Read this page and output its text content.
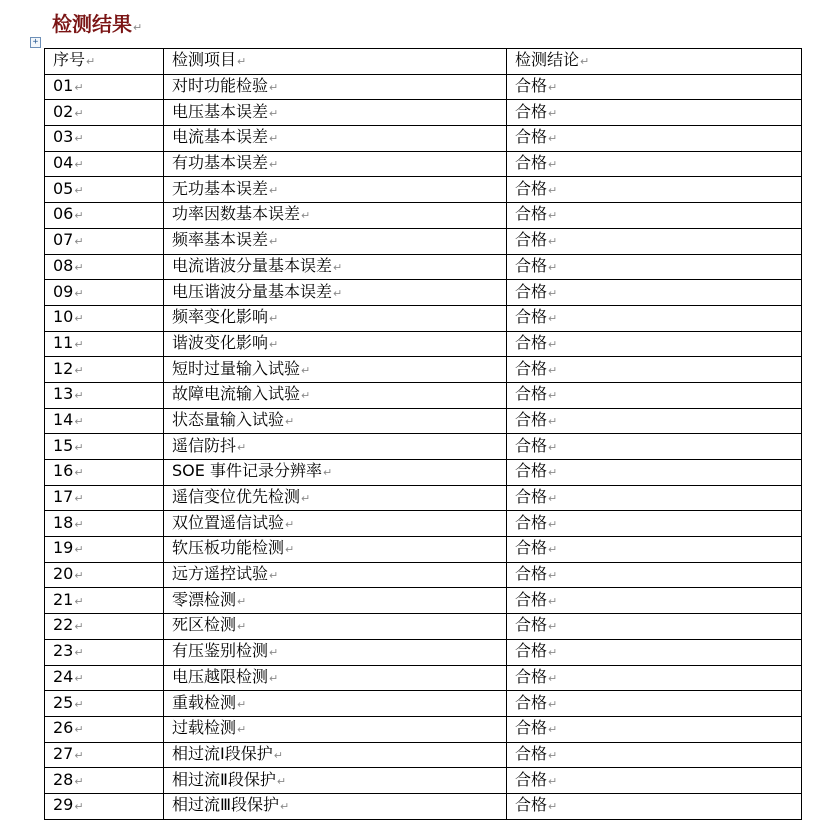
检测结果↵
+
序号↵	检测项目↵	检测结论↵
01↵	对时功能检验↵	合格↵
02↵	电压基本误差↵	合格↵
03↵	电流基本误差↵	合格↵
04↵	有功基本误差↵	合格↵
05↵	无功基本误差↵	合格↵
06↵	功率因数基本误差↵	合格↵
07↵	频率基本误差↵	合格↵
08↵	电流谐波分量基本误差↵	合格↵
09↵	电压谐波分量基本误差↵	合格↵
10↵	频率变化影响↵	合格↵
11↵	谐波变化影响↵	合格↵
12↵	短时过量输入试验↵	合格↵
13↵	故障电流输入试验↵	合格↵
14↵	状态量输入试验↵	合格↵
15↵	遥信防抖↵	合格↵
16↵	SOE 事件记录分辨率↵	合格↵
17↵	遥信变位优先检测↵	合格↵
18↵	双位置遥信试验↵	合格↵
19↵	软压板功能检测↵	合格↵
20↵	远方遥控试验↵	合格↵
21↵	零漂检测↵	合格↵
22↵	死区检测↵	合格↵
23↵	有压鉴别检测↵	合格↵
24↵	电压越限检测↵	合格↵
25↵	重载检测↵	合格↵
26↵	过载检测↵	合格↵
27↵	相过流Ⅰ段保护↵	合格↵
28↵	相过流Ⅱ段保护↵	合格↵
29↵	相过流Ⅲ段保护↵	合格↵
